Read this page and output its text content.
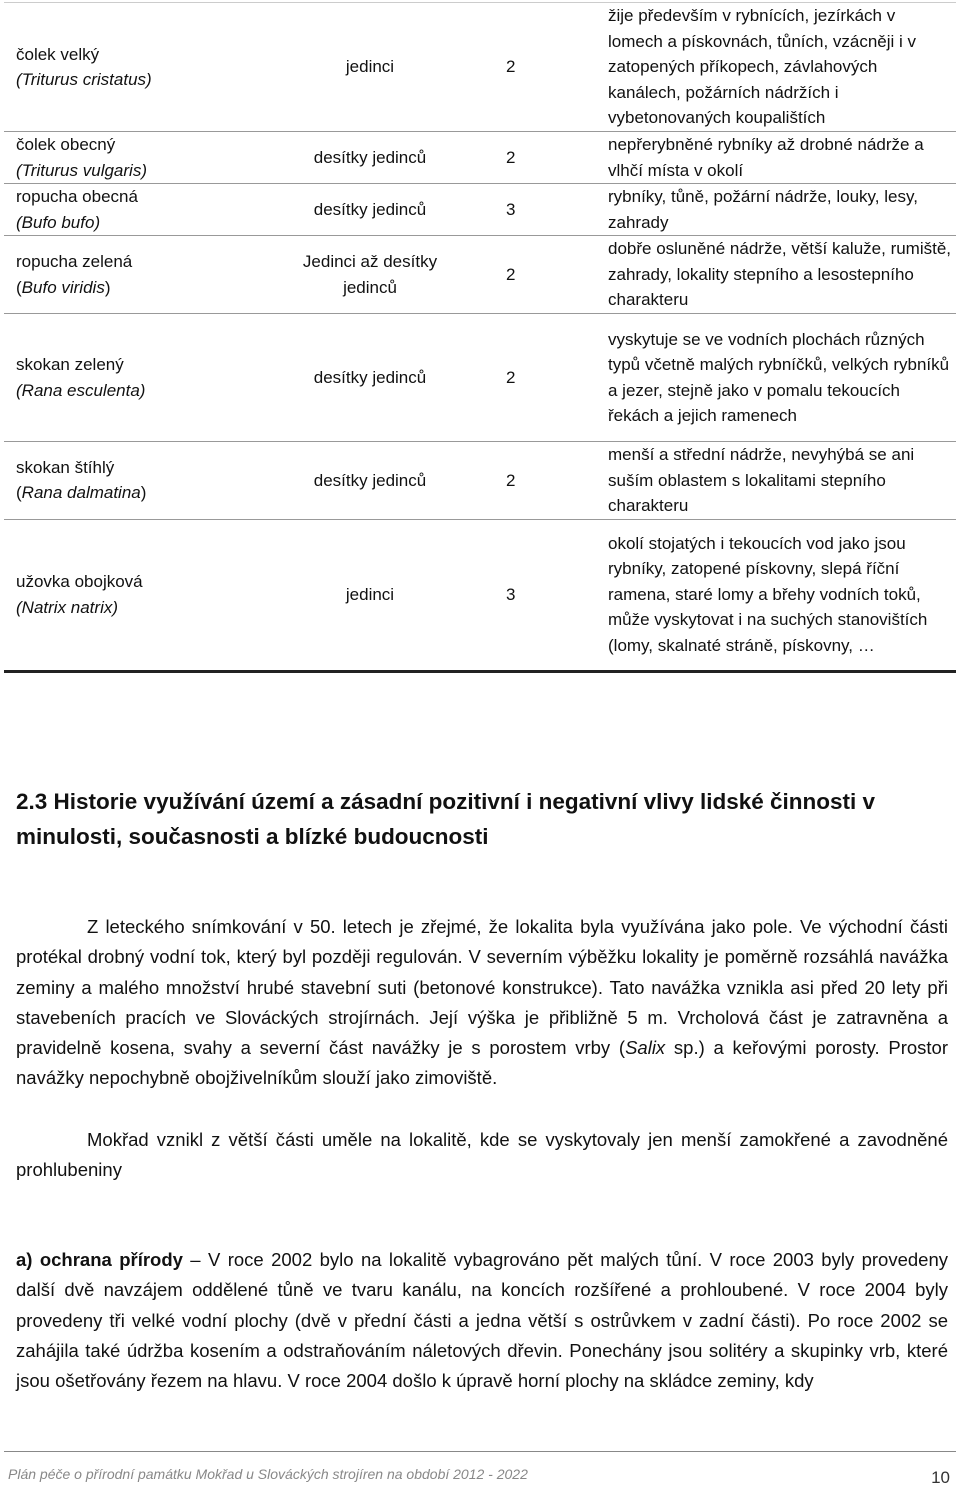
čolek velký
(Triturus cristatus)	jedinci	2	žije především v rybnících, jezírkách v lomech a pískovnách, tůních, vzácněji i v zatopených příkopech, závlahových kanálech, požárních nádržích i vybetonovaných koupalištích

čolek obecný
(Triturus vulgaris)	desítky jedinců	2	nepřerybněné rybníky až drobné nádrže a vlhčí místa v okolí

ropucha obecná
(Bufo bufo)	desítky jedinců	3	rybníky, tůně, požární nádrže, louky, lesy, zahrady

ropucha zelená
(Bufo viridis)	Jedinci až desítky jedinců	2	dobře osluněné nádrže, větší kaluže, rumiště, zahrady, lokality stepního a lesostepního charakteru

skokan zelený
(Rana esculenta)	desítky jedinců	2	vyskytuje se ve vodních plochách různých typů včetně malých rybníčků, velkých rybníků a jezer, stejně jako v pomalu tekoucích řekách a jejich ramenech

skokan štíhlý
(Rana dalmatina)	desítky jedinců	2	menší a střední nádrže, nevyhýbá se ani suším oblastem s lokalitami stepního charakteru

užovka obojková
(Natrix natrix)	jedinci	3	okolí stojatých i tekoucích vod jako jsou rybníky, zatopené pískovny, slepá říční ramena, staré lomy a břehy vodních toků, může vyskytovat i na suchých stanovištích (lomy, skalnaté stráně, pískovny, …
2.3 Historie využívání území a zásadní pozitivní i negativní vlivy lidské činnosti v minulosti, současnosti a blízké budoucnosti

Z leteckého snímkování v 50. letech je zřejmé, že lokalita byla využívána jako pole. Ve východní části protékal drobný vodní tok, který byl později regulován. V severním výběžku lokality je poměrně rozsáhlá navážka zeminy a malého množství hrubé stavební suti (betonové konstrukce). Tato navážka vznikla asi před 20 lety při stavebeních pracích ve Slováckých strojírnách. Její výška je přibližně 5 m. Vrcholová část je zatravněna a pravidelně kosena, svahy a severní část navážky je s porostem vrby (Salix sp.) a keřovými porosty. Prostor navážky nepochybně obojživelníkům slouží jako zimoviště.

Mokřad vznikl z větší části uměle na lokalitě, kde se vyskytovaly jen menší zamokřené a zavodněné prohlubeniny

a) ochrana přírody – V roce 2002 bylo na lokalitě vybagrováno pět malých tůní. V roce 2003 byly provedeny další dvě navzájem oddělené tůně ve tvaru kanálu, na koncích rozšířené a prohloubené. V roce 2004 byly provedeny tři velké vodní plochy (dvě v přední části a jedna větší s ostrůvkem v zadní části). Po roce 2002 se zahájila také údržba kosením a odstraňováním náletových dřevin. Ponechány jsou solitéry a skupinky vrb, které jsou ošetřovány řezem na hlavu. V roce 2004 došlo k úpravě horní plochy na skládce zeminy, kdy

Plán péče o přírodní památku Mokřad u Slováckých strojíren na období 2012 - 2022	10
